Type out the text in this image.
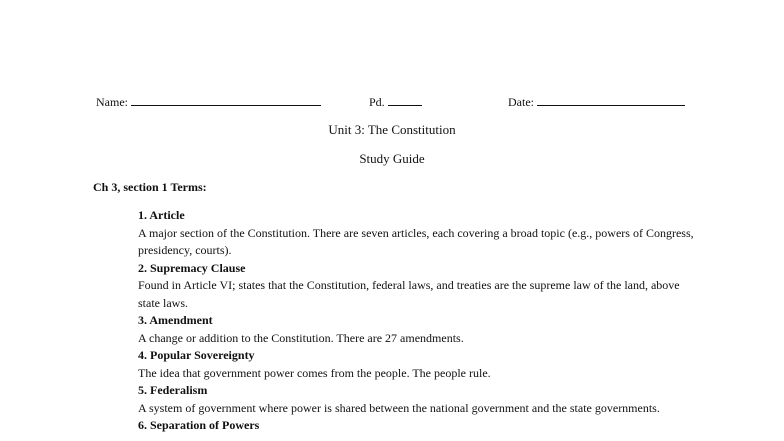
Name:	Pd.	Date:
Unit 3: The Constitution
Study Guide
Ch 3, section 1 Terms:
1. Article
A major section of the Constitution. There are seven articles, each covering a broad topic (e.g., powers of Congress, presidency, courts).
2. Supremacy Clause
Found in Article VI; states that the Constitution, federal laws, and treaties are the supreme law of the land, above state laws.
3. Amendment
A change or addition to the Constitution. There are 27 amendments.
4. Popular Sovereignty
The idea that government power comes from the people. The people rule.
5. Federalism
A system of government where power is shared between the national government and the state governments.
6. Separation of Powers
